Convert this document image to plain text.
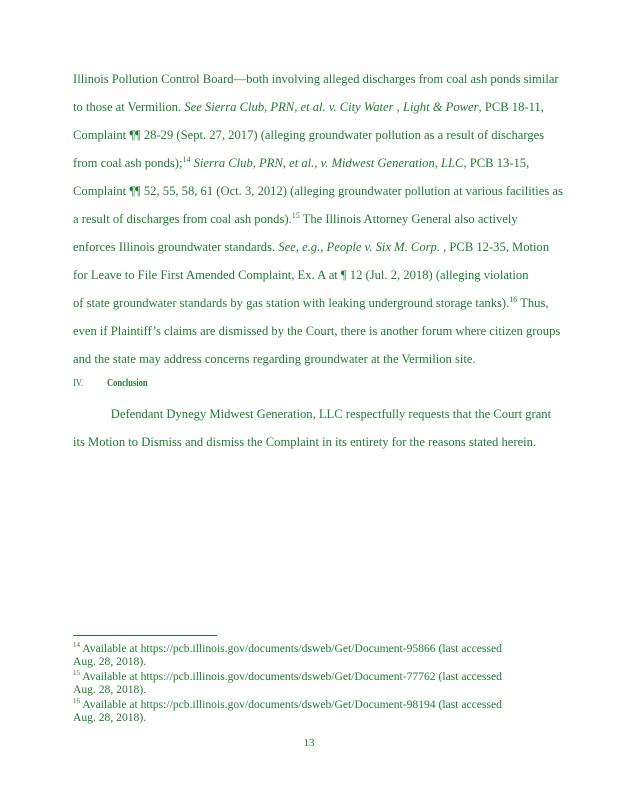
Illinois Pollution Control Board—both involving alleged discharges from coal ash ponds similar
to those at Vermilion. See Sierra Club, PRN, et al. v. City Water , Light & Power, PCB 18-11,
Complaint ¶¶ 28-29 (Sept. 27, 2017) (alleging groundwater pollution as a result of discharges
from coal ash ponds);$^{14}$ Sierra Club, PRN, et al., v. Midwest Generation, LLC, PCB 13-15,
Complaint ¶¶ 52, 55, 58, 61 (Oct. 3, 2012) (alleging groundwater pollution at various facilities as
a result of discharges from coal ash ponds).$^{15}$ The Illinois Attorney General also actively
enforces Illinois groundwater standards. See, e.g., People v. Six M. Corp. , PCB 12-35, Motion
for Leave to File First Amended Complaint, Ex. A at ¶ 12 (Jul. 2, 2018) (alleging violation
of state groundwater standards by gas station with leaking underground storage tanks).$^{16}$ Thus,
even if Plaintiff’s claims are dismissed by the Court, there is another forum where citizen groups
and the state may address concerns regarding groundwater at the Vermilion site.
IV. Conclusion
Defendant Dynegy Midwest Generation, LLC respectfully requests that the Court grant
its Motion to Dismiss and dismiss the Complaint in its entirety for the reasons stated herein.
$^{14}$ Available at https://pcb.illinois.gov/documents/dsweb/Get/Document-95866 (last accessed
Aug. 28, 2018).
$^{15}$ Available at https://pcb.illinois.gov/documents/dsweb/Get/Document-77762 (last accessed
Aug. 28, 2018).
$^{16}$ Available at https://pcb.illinois.gov/documents/dsweb/Get/Document-98194 (last accessed
Aug. 28, 2018).
13
